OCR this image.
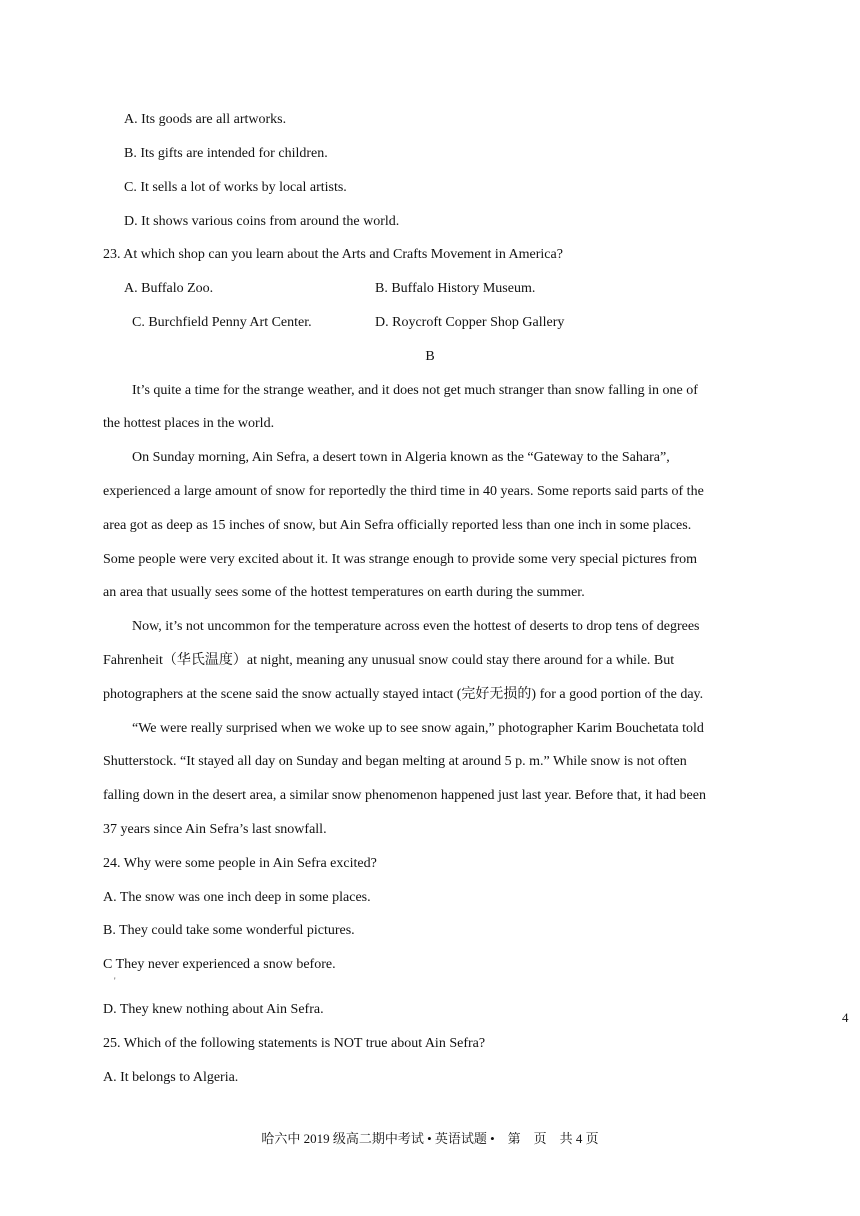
A. Its goods are all artworks.
B. Its gifts are intended for children.
C. It sells a lot of works by local artists.
D. It shows various coins from around the world.
23. At which shop can you learn about the Arts and Crafts Movement in America?
A. Buffalo Zoo.	B. Buffalo History Museum.
C. Burchfield Penny Art Center.	D. Roycroft Copper Shop Gallery
B
It’s quite a time for the strange weather, and it does not get much stranger than snow falling in one of
the hottest places in the world.
On Sunday morning, Ain Sefra, a desert town in Algeria known as the “Gateway to the Sahara”,
experienced a large amount of snow for reportedly the third time in 40 years. Some reports said parts of the
area got as deep as 15 inches of snow, but Ain Sefra officially reported less than one inch in some places.
Some people were very excited about it. It was strange enough to provide some very special pictures from
an area that usually sees some of the hottest temperatures on earth during the summer.
Now, it’s not uncommon for the temperature across even the hottest of deserts to drop tens of degrees
Fahrenheit（华氏温度）at night, meaning any unusual snow could stay there around for a while. But
photographers at the scene said the snow actually stayed intact (完好无损的) for a good portion of the day.
“We were really surprised when we woke up to see snow again,” photographer Karim Bouchetata told
Shutterstock. “It stayed all day on Sunday and began melting at around 5 p. m.” While snow is not often
falling down in the desert area, a similar snow phenomenon happened just last year. Before that, it had been
37 years since Ain Sefra’s last snowfall.
24. Why were some people in Ain Sefra excited?
A. The snow was one inch deep in some places.
B. They could take some wonderful pictures.
C They never experienced a snow before.
'
D. They knew nothing about Ain Sefra.
25. Which of the following statements is NOT true about Ain Sefra?
A. It belongs to Algeria.
4
哈六中 2019 级高二期中考试 • 英语试题 •    第    页    共 4 页
